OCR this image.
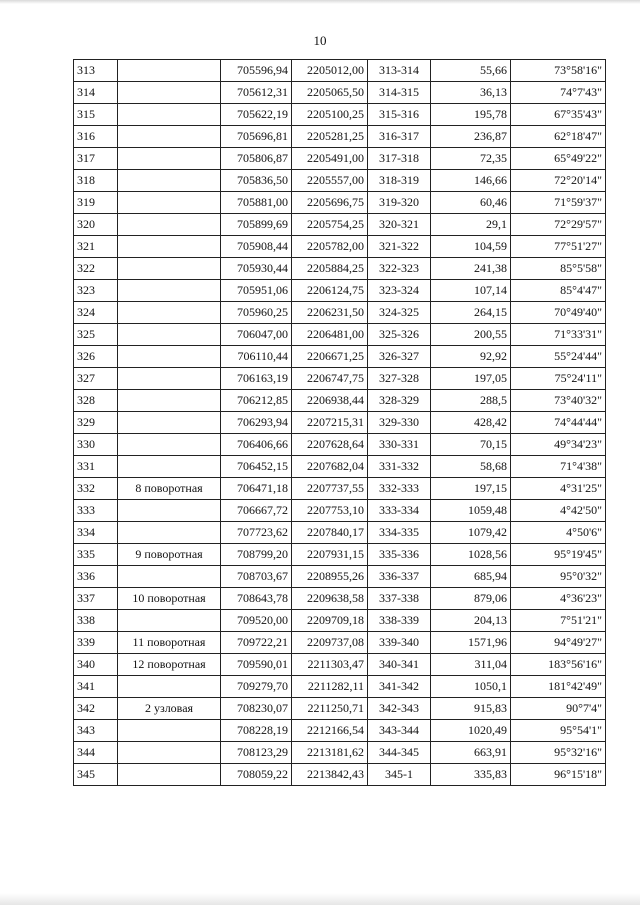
10
313		705596,94	2205012,00	313-314	55,66	73°58'16"
314		705612,31	2205065,50	314-315	36,13	74°7'43"
315		705622,19	2205100,25	315-316	195,78	67°35'43"
316		705696,81	2205281,25	316-317	236,87	62°18'47"
317		705806,87	2205491,00	317-318	72,35	65°49'22"
318		705836,50	2205557,00	318-319	146,66	72°20'14"
319		705881,00	2205696,75	319-320	60,46	71°59'37"
320		705899,69	2205754,25	320-321	29,1	72°29'57"
321		705908,44	2205782,00	321-322	104,59	77°51'27"
322		705930,44	2205884,25	322-323	241,38	85°5'58"
323		705951,06	2206124,75	323-324	107,14	85°4'47"
324		705960,25	2206231,50	324-325	264,15	70°49'40"
325		706047,00	2206481,00	325-326	200,55	71°33'31"
326		706110,44	2206671,25	326-327	92,92	55°24'44"
327		706163,19	2206747,75	327-328	197,05	75°24'11"
328		706212,85	2206938,44	328-329	288,5	73°40'32"
329		706293,94	2207215,31	329-330	428,42	74°44'44"
330		706406,66	2207628,64	330-331	70,15	49°34'23"
331		706452,15	2207682,04	331-332	58,68	71°4'38"
332	8 поворотная	706471,18	2207737,55	332-333	197,15	4°31'25"
333		706667,72	2207753,10	333-334	1059,48	4°42'50"
334		707723,62	2207840,17	334-335	1079,42	4°50'6"
335	9 поворотная	708799,20	2207931,15	335-336	1028,56	95°19'45"
336		708703,67	2208955,26	336-337	685,94	95°0'32"
337	10 поворотная	708643,78	2209638,58	337-338	879,06	4°36'23"
338		709520,00	2209709,18	338-339	204,13	7°51'21"
339	11 поворотная	709722,21	2209737,08	339-340	1571,96	94°49'27"
340	12 поворотная	709590,01	2211303,47	340-341	311,04	183°56'16"
341		709279,70	2211282,11	341-342	1050,1	181°42'49"
342	2 узловая	708230,07	2211250,71	342-343	915,83	90°7'4"
343		708228,19	2212166,54	343-344	1020,49	95°54'1"
344		708123,29	2213181,62	344-345	663,91	95°32'16"
345		708059,22	2213842,43	345-1	335,83	96°15'18"
